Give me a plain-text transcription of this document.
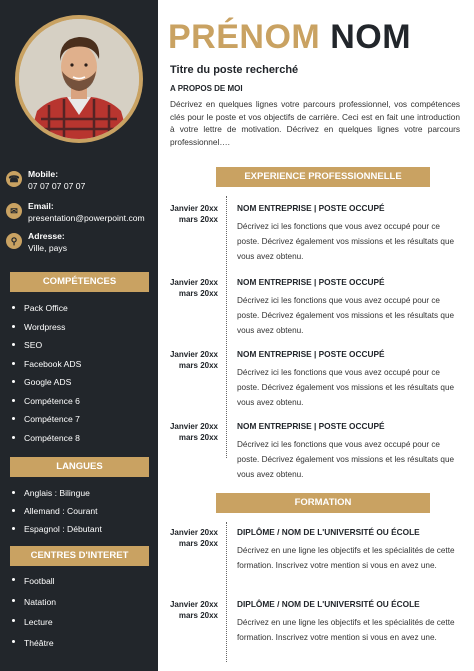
☎ Mobile:
07 07 07 07 07
✉	Email:
presentation@powerpoint.com
⚲	Adresse:
Ville, pays
COMPÉTENCES
Pack Office
Wordpress
SEO
Facebook ADS
Google ADS
Compétence 6
Compétence 7
Compétence 8
LANGUES
Anglais : Bilingue
Allemand : Courant
Espagnol : Débutant
CENTRES D'INTERET
Football
Natation
Lecture
Théâtre
PRÉNOM NOM
Titre du poste recherché
A PROPOS DE MOI
Décrivez en quelques lignes votre parcours professionnel, vos compétences clés pour le poste et vos objectifs de carrière. Ceci est en fait une introduction à votre lettre de motivation. Décrivez en quelques lignes votre parcours professionnel….
EXPERIENCE PROFESSIONNELLE
Janvier 20xx
mars 20xx
NOM ENTREPRISE | POSTE OCCUPÉ
Décrivez ici les fonctions que vous avez occupé pour ce poste. Décrivez également vos missions et les résultats que vous avez obtenu.
Janvier 20xx
mars 20xx
NOM ENTREPRISE | POSTE OCCUPÉ
Décrivez ici les fonctions que vous avez occupé pour ce poste. Décrivez également vos missions et les résultats que vous avez obtenu.
Janvier 20xx
mars 20xx
NOM ENTREPRISE | POSTE OCCUPÉ
Décrivez ici les fonctions que vous avez occupé pour ce poste. Décrivez également vos missions et les résultats que vous avez obtenu.
Janvier 20xx
mars 20xx
NOM ENTREPRISE | POSTE OCCUPÉ
Décrivez ici les fonctions que vous avez occupé pour ce poste. Décrivez également vos missions et les résultats que vous avez obtenu.
FORMATION
Janvier 20xx
mars 20xx
DIPLÔME / NOM DE L'UNIVERSITÉ OU ÉCOLE
Décrivez en une ligne les objectifs et les spécialités de cette formation. Inscrivez votre mention si vous en avez une.
Janvier 20xx
mars 20xx
DIPLÔME / NOM DE L'UNIVERSITÉ OU ÉCOLE
Décrivez en une ligne les objectifs et les spécialités de cette formation. Inscrivez votre mention si vous en avez une.
